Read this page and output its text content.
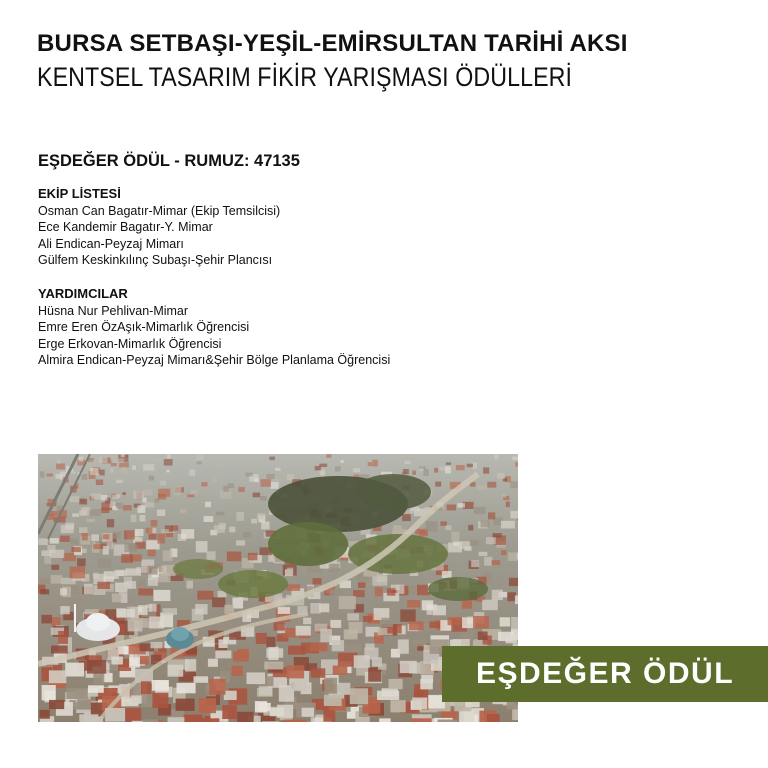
BURSA SETBAŞI-YEŞİL-EMİRSULTAN TARİHİ AKSI
KENTSEL TASARIM FİKİR YARIŞMASI ÖDÜLLERİ
EŞDEĞER ÖDÜL - RUMUZ: 47135
EKİP LİSTESİ
Osman Can Bagatır-Mimar (Ekip Temsilcisi)
Ece Kandemir Bagatır-Y. Mimar
Ali Endican-Peyzaj Mimarı
Gülfem Keskinkılınç Subaşı-Şehir Plancısı
YARDIMCILAR
Hüsna Nur Pehlivan-Mimar
Emre Eren ÖzAşık-Mimarlık Öğrencisi
Erge Erkovan-Mimarlık Öğrencisi
Almira Endican-Peyzaj Mimarı&Şehir Bölge Planlama Öğrencisi
EŞDEĞER ÖDÜL
